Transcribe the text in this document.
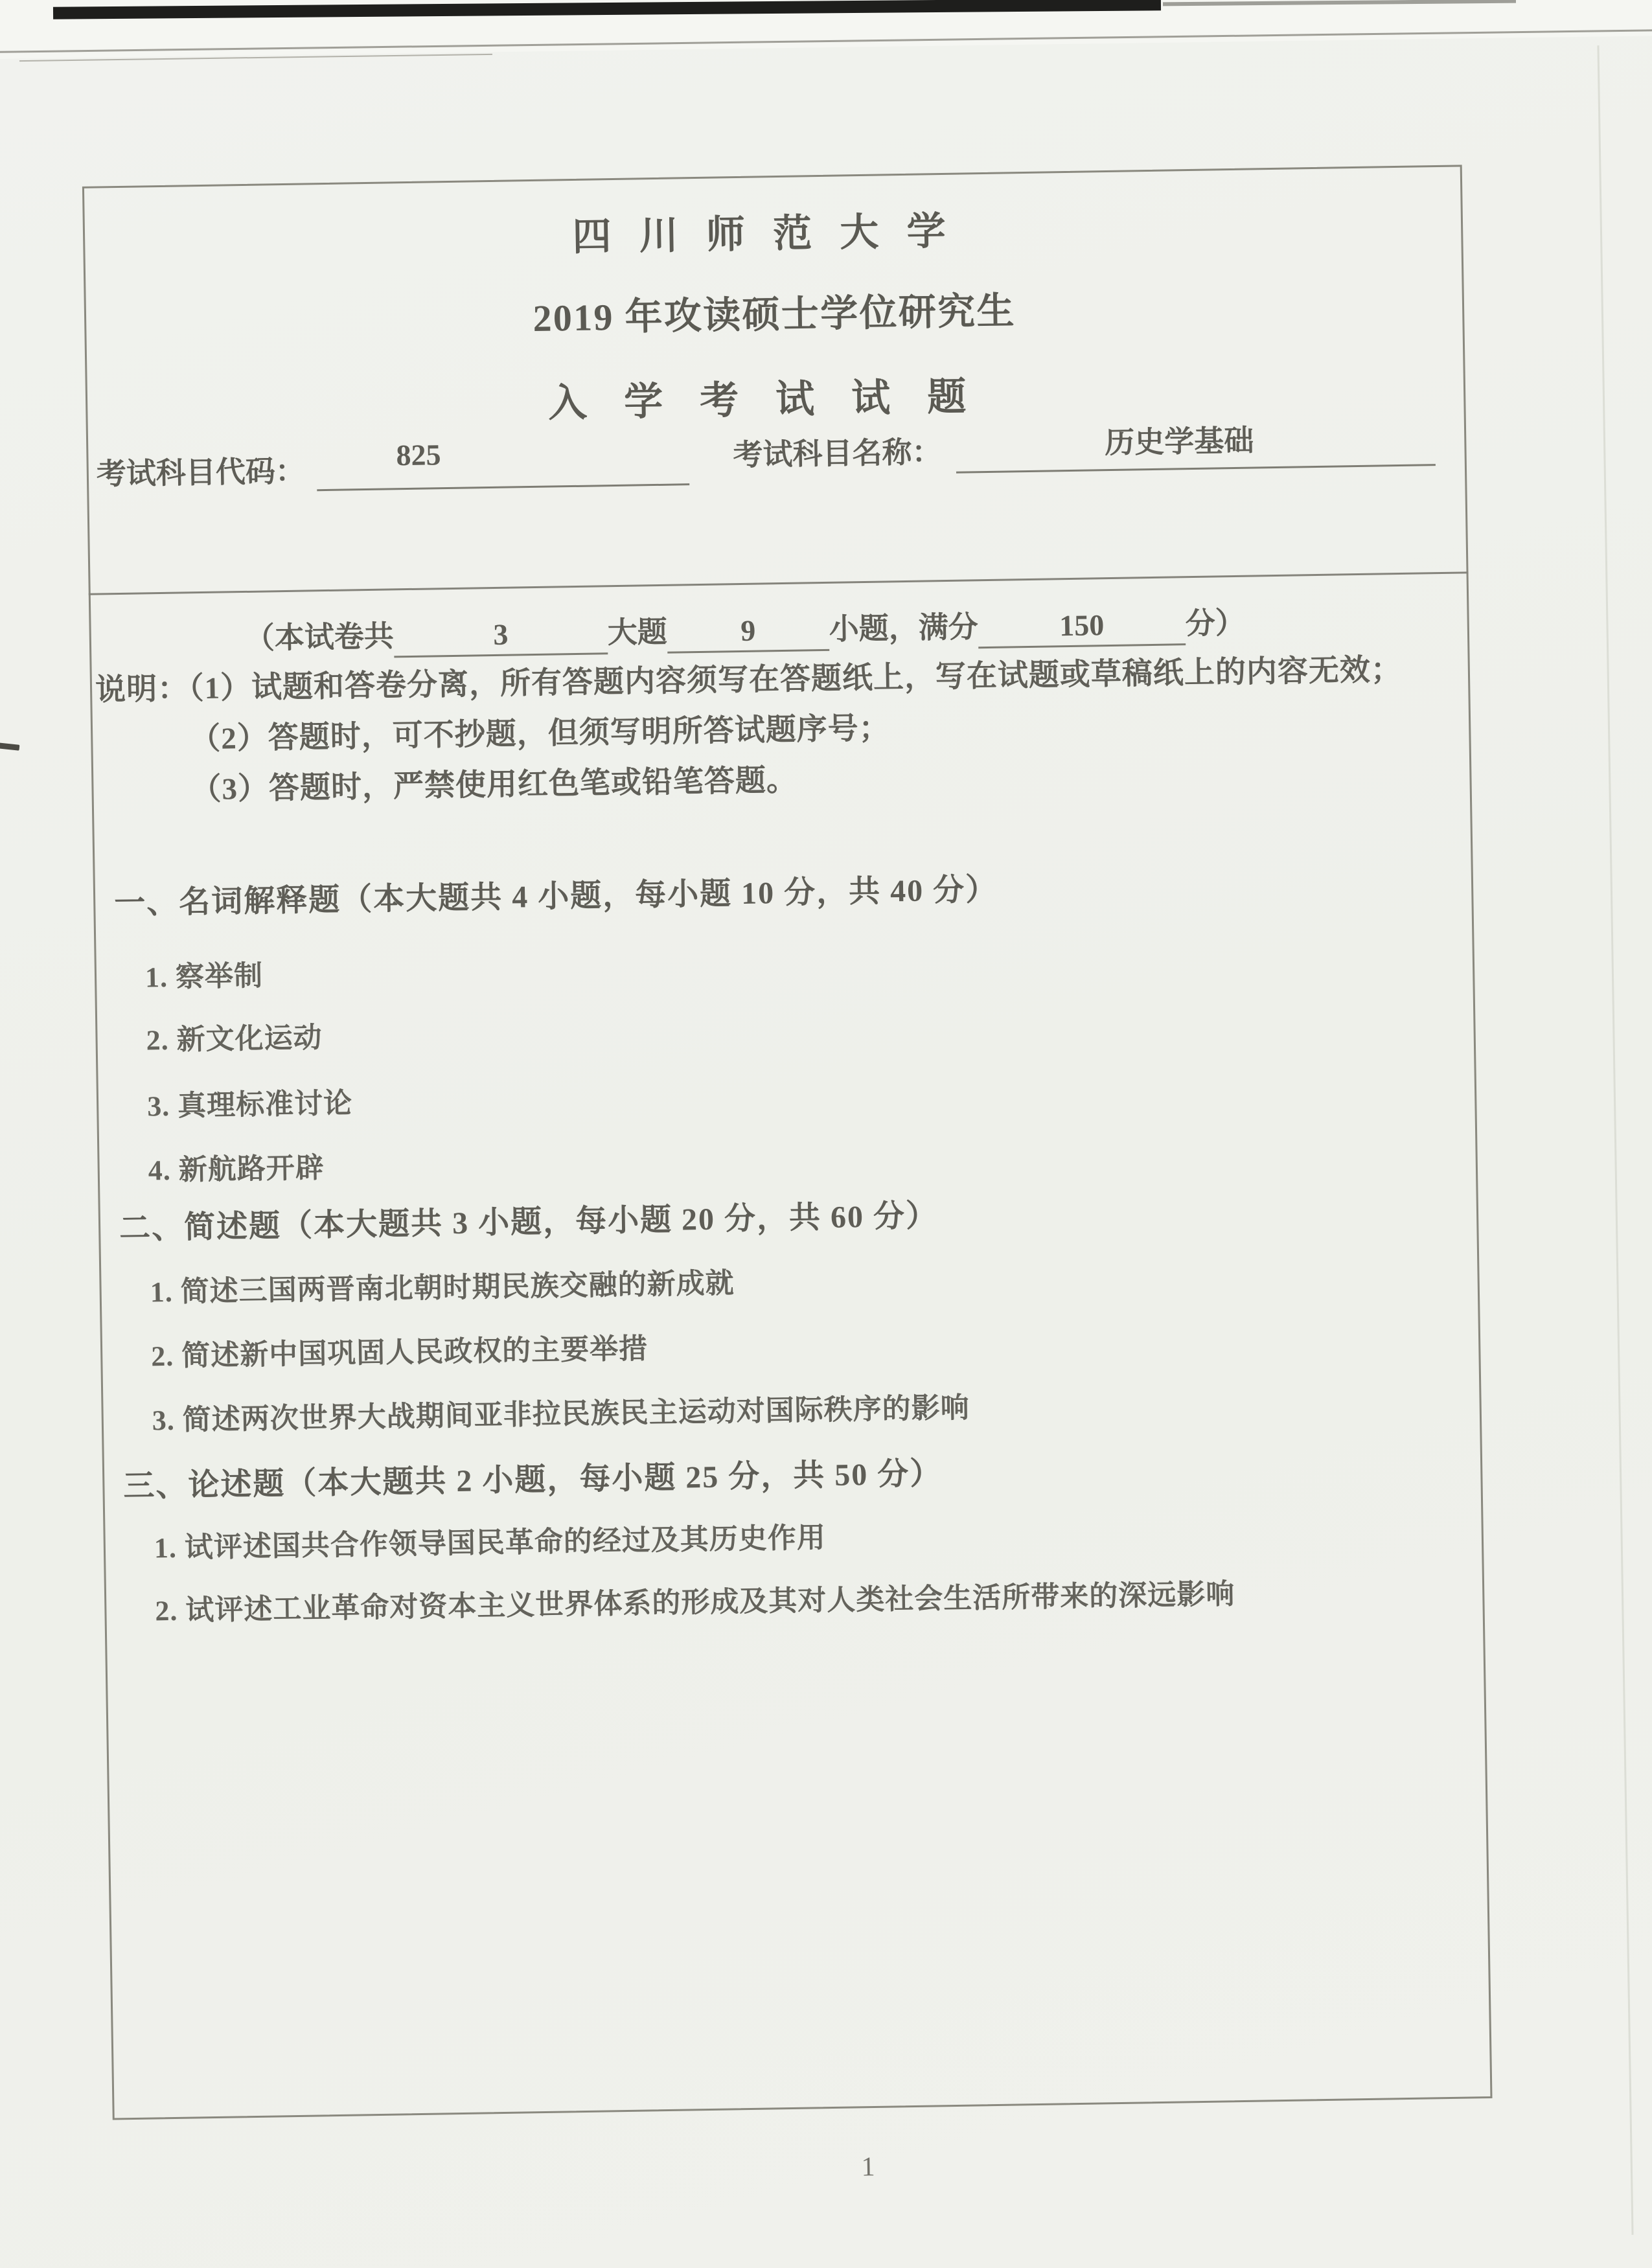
四川师范大学
2019 年攻读硕士学位研究生
入学考试试题
考试科目代码：	825	考试科目名称：	历史学基础
（本试卷共	3	大题 9 小题，满分	150	分）
说明：（1）试题和答卷分离，所有答题内容须写在答题纸上，写在试题或草稿纸上的内容无效；
（2）答题时，可不抄题，但须写明所答试题序号；
（3）答题时，严禁使用红色笔或铅笔答题。
一、名词解释题（本大题共 4 小题，每小题 10 分，共 40 分）
1. 察举制
2. 新文化运动
3. 真理标准讨论
4. 新航路开辟
二、简述题（本大题共 3 小题，每小题 20 分，共 60 分）
1. 简述三国两晋南北朝时期民族交融的新成就
2. 简述新中国巩固人民政权的主要举措
3. 简述两次世界大战期间亚非拉民族民主运动对国际秩序的影响
三、论述题（本大题共 2 小题，每小题 25 分，共 50 分）
1. 试评述国共合作领导国民革命的经过及其历史作用
2. 试评述工业革命对资本主义世界体系的形成及其对人类社会生活所带来的深远影响
1
